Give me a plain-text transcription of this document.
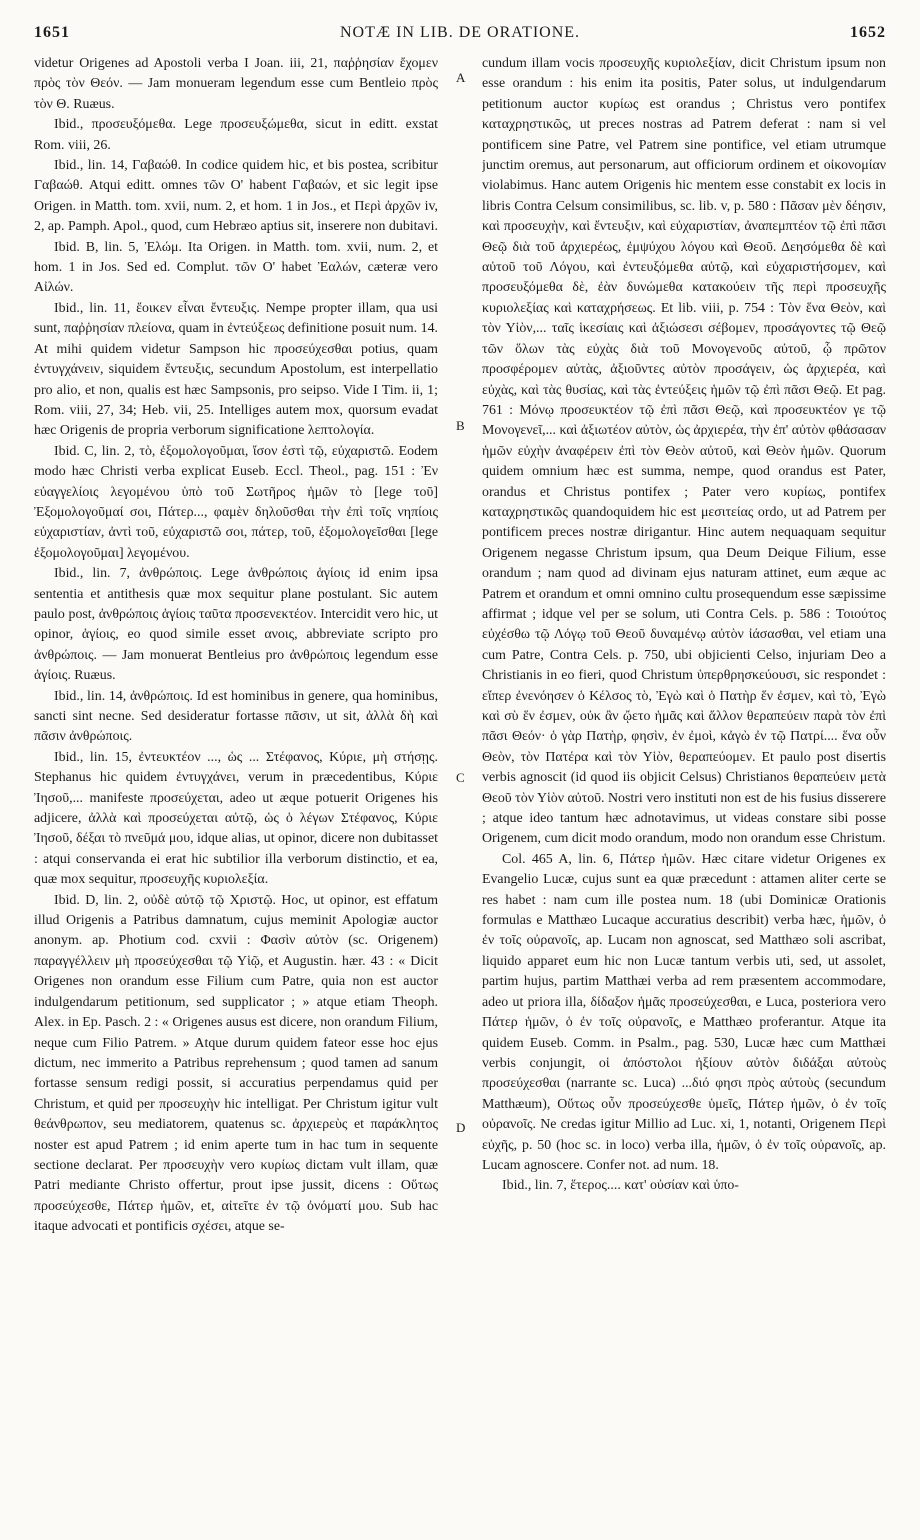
1651	NOTÆ IN LIB. DE ORATIONE.	1652
A
B
C
D

videtur Origenes ad Apostoli verba I Joan. iii, 21, παῤῥησίαν ἔχομεν πρὸς τὸν Θεόν. — Jam monueram legendum esse cum Bentleio πρὸς τὸν Θ. Ruæus.

Ibid., προσευξόμεθα. Lege προσευξώμεθα, sicut in editt. exstat Rom. viii, 26.

Ibid., lin. 14, Γαβαώθ. In codice quidem hic, et bis postea, scribitur Γαβαώθ. Atqui editt. omnes τῶν Ο' habent Γαβαών, et sic legit ipse Origen. in Matth. tom. xvii, num. 2, et hom. 1 in Jos., et Περὶ ἀρχῶν iv, 2, ap. Pamph. Apol., quod, cum Hebræo aptius sit, inserere non dubitavi.

Ibid. B, lin. 5, Ἐλώμ. Ita Origen. in Matth. tom. xvii, num. 2, et hom. 1 in Jos. Sed ed. Complut. τῶν Ο' habet Ἐαλών, cæteræ vero Αἰλών.

Ibid., lin. 11, ἔοικεν εἶναι ἔντευξις. Nempe propter illam, qua usi sunt, παῤῥησίαν πλείονα, quam in ἐντεύξεως definitione posuit num. 14. At mihi quidem videtur Sampson hic προσεύχεσθαι potius, quam ἐντυγχάνειν, siquidem ἔντευξις, secundum Apostolum, est interpellatio pro alio, et non, qualis est hæc Sampsonis, pro seipso. Vide I Tim. ii, 1; Rom. viii, 27, 34; Heb. vii, 25. Intelliges autem mox, quorsum evadat hæc Origenis de propria verborum significatione λεπτολογία.

Ibid. C, lin. 2, τὸ, ἐξομολογοῦμαι, ἴσον ἐστὶ τῷ, εὐχαριστῶ. Eodem modo hæc Christi verba explicat Euseb. Eccl. Theol., pag. 151 : Ἐν εὐαγγελίοις λεγομένου ὑπὸ τοῦ Σωτῆρος ἡμῶν τὸ [lege τοῦ] Ἐξομολογοῦμαί σοι, Πάτερ..., φαμὲν δηλοῦσθαι τὴν ἐπὶ τοῖς νηπίοις εὐχαριστίαν, ἀντὶ τοῦ, εὐχαριστῶ σοι, πάτερ, τοῦ, ἐξομολογεῖσθαι [lege ἐξομολογοῦμαι] λεγομένου.

Ibid., lin. 7, ἀνθρώποις. Lege ἀνθρώποις ἁγίοις id enim ipsa sententia et antithesis quæ mox sequitur plane postulant. Sic autem paulo post, ἀνθρώποις ἁγίοις ταῦτα προσενεκτέον. Intercidit vero hic, ut opinor, ἁγίοις, eo quod simile esset ανοις, abbreviate scripto pro ἀνθρώποις. — Jam monuerat Bentleius pro ἀνθρώποις legendum esse ἁγίοις. Ruæus.

Ibid., lin. 14, ἀνθρώποις. Id est hominibus in genere, qua hominibus, sancti sint necne. Sed desideratur fortasse πᾶσιν, ut sit, ἀλλὰ δὴ καὶ πᾶσιν ἀνθρώποις.

Ibid., lin. 15, ἐντευκτέον ..., ὡς ... Στέφανος, Κύριε, μὴ στήσῃς. Stephanus hic quidem ἐντυγχάνει, verum in præcedentibus, Κύριε Ἰησοῦ,... manifeste προσεύχεται, adeo ut æque potuerit Origenes his adjicere, ἀλλὰ καὶ προσεύχεται αὐτῷ, ὡς ὁ λέγων Στέφανος, Κύριε Ἰησοῦ, δέξαι τὸ πνεῦμά μου, idque alias, ut opinor, dicere non dubitasset : atqui conservanda ei erat hic subtilior illa verborum distinctio, et ea, quæ mox sequitur, προσευχῆς κυριολεξία.

Ibid. D, lin. 2, οὐδὲ αὐτῷ τῷ Χριστῷ. Hoc, ut opinor, est effatum illud Origenis a Patribus damnatum, cujus meminit Apologiæ auctor anonym. ap. Photium cod. cxvii : Φασὶν αὐτὸν (sc. Origenem) παραγγέλλειν μὴ προσεύχεσθαι τῷ Υἱῷ, et Augustin. hær. 43 : « Dicit Origenes non orandum esse Filium cum Patre, quia non est auctor indulgendarum petitionum, sed supplicator ; » atque etiam Theoph. Alex. in Ep. Pasch. 2 : « Origenes ausus est dicere, non orandum Filium, neque cum Filio Patrem. » Atque durum quidem fateor esse hoc ejus dictum, nec immerito a Patribus reprehensum ; quod tamen ad sanum fortasse sensum redigi possit, si accuratius perpendamus quid per Christum, et quid per προσευχὴν hic intelligat. Per Christum igitur vult θεάνθρωπον, seu mediatorem, quatenus sc. ἀρχιερεὺς et παράκλητος noster est apud Patrem ; id enim aperte tum in hac tum in sequente sectione declarat. Per προσευχὴν vero κυρίως dictam vult illam, quæ Patri mediante Christo offertur, prout ipse jussit, dicens : Οὕτως προσεύχεσθε, Πάτερ ἡμῶν, et, αἰτεῖτε ἐν τῷ ὀνόματί μου. Sub hac itaque advocati et pontificis σχέσει, atque se-

cundum illam vocis προσευχῆς κυριολεξίαν, dicit Christum ipsum non esse orandum : his enim ita positis, Pater solus, ut indulgendarum petitionum auctor κυρίως est orandus ; Christus vero pontifex καταχρηστικῶς, ut preces nostras ad Patrem deferat : nam si vel pontificem sine Patre, vel Patrem sine pontifice, vel etiam utrumque junctim oremus, aut personarum, aut officiorum ordinem et οἰκονομίαν violabimus. Hanc autem Origenis hic mentem esse constabit ex locis in libris Contra Celsum consimilibus, sc. lib. v, p. 580 : Πᾶσαν μὲν δέησιν, καὶ προσευχὴν, καὶ ἔντευξιν, καὶ εὐχαριστίαν, ἀναπεμπτέον τῷ ἐπὶ πᾶσι Θεῷ διὰ τοῦ ἀρχιερέως, ἐμψύχου λόγου καὶ Θεοῦ. Δεησόμεθα δὲ καὶ αὐτοῦ τοῦ Λόγου, καὶ ἐντευξόμεθα αὐτῷ, καὶ εὐχαριστήσομεν, καὶ προσευξόμεθα δὲ, ἐὰν δυνώμεθα κατακούειν τῆς περὶ προσευχῆς κυριολεξίας καὶ καταχρήσεως. Et lib. viii, p. 754 : Τὸν ἕνα Θεὸν, καὶ τὸν Υἱὸν,... ταῖς ἱκεσίαις καὶ ἀξιώσεσι σέβομεν, προσάγοντες τῷ Θεῷ τῶν ὅλων τὰς εὐχὰς διὰ τοῦ Μονογενοῦς αὐτοῦ, ᾧ πρῶτον προσφέρομεν αὐτὰς, ἀξιοῦντες αὐτὸν προσάγειν, ὡς ἀρχιερέα, καὶ εὐχὰς, καὶ τὰς θυσίας, καὶ τὰς ἐντεύξεις ἡμῶν τῷ ἐπὶ πᾶσι Θεῷ. Et pag. 761 : Μόνῳ προσευκτέον τῷ ἐπὶ πᾶσι Θεῷ, καὶ προσευκτέον γε τῷ Μονογενεῖ,... καὶ ἀξιωτέον αὐτὸν, ὡς ἀρχιερέα, τὴν ἐπ' αὐτὸν φθάσασαν ἡμῶν εὐχὴν ἀναφέρειν ἐπὶ τὸν Θεὸν αὐτοῦ, καὶ Θεὸν ἡμῶν. Quorum quidem omnium hæc est summa, nempe, quod orandus est Pater, orandus et Christus pontifex ; Pater vero κυρίως, pontifex καταχρηστικῶς quandoquidem hic est μεσιτείας ordo, ut ad Patrem per pontificem preces nostræ dirigantur. Hinc autem nequaquam sequitur Origenem negasse Christum ipsum, qua Deum Deique Filium, esse orandum ; nam quod ad divinam ejus naturam attinet, eum æque ac Patrem et orandum et omni omnino cultu prosequendum esse sæpissime affirmat ; idque vel per se solum, uti Contra Cels. p. 586 : Τοιούτος εὐχέσθω τῷ Λόγῳ τοῦ Θεοῦ δυναμένῳ αὐτὸν ἰάσασθαι, vel etiam una cum Patre, Contra Cels. p. 750, ubi objicienti Celso, injuriam Deo a Christianis in eo fieri, quod Christum ὑπερθρησκεύουσι, sic respondet : εἴπερ ἐνενόησεν ὁ Κέλσος τὸ, Ἐγὼ καὶ ὁ Πατὴρ ἕν ἐσμεν, καὶ τὸ, Ἐγὼ καὶ σὺ ἕν ἐσμεν, οὐκ ἂν ᾤετο ἡμᾶς καὶ ἄλλον θεραπεύειν παρὰ τὸν ἐπὶ πᾶσι Θεόν· ὁ γὰρ Πατὴρ, φησὶν, ἐν ἐμοὶ, κἀγὼ ἐν τῷ Πατρί.... ἕνα οὖν Θεὸν, τὸν Πατέρα καὶ τὸν Υἱὸν, θεραπεύομεν. Et paulo post disertis verbis agnoscit (id quod iis objicit Celsus) Christianos θεραπεύειν μετὰ Θεοῦ τὸν Υἱὸν αὐτοῦ. Nostri vero instituti non est de his fusius disserere ; atque ideo tantum hæc adnotavimus, ut videas constare sibi posse Origenem, cum dicit modo orandum, modo non orandum esse Christum.

Col. 465 A, lin. 6, Πάτερ ἡμῶν. Hæc citare videtur Origenes ex Evangelio Lucæ, cujus sunt ea quæ præcedunt : attamen aliter certe se res habet : nam cum ille postea num. 18 (ubi Dominicæ Orationis formulas e Matthæo Lucaque accuratius describit) verba hæc, ἡμῶν, ὁ ἐν τοῖς οὐρανοῖς, ap. Lucam non agnoscat, sed Matthæo soli ascribat, liquido apparet eum hic non Lucæ tantum verbis uti, sed, ut assolet, partim hujus, partim Matthæi verba ad rem præsentem accommodare, adeo ut priora illa, δίδαξον ἡμᾶς προσεύχεσθαι, e Luca, posteriora vero Πάτερ ἡμῶν, ὁ ἐν τοῖς οὐρανοῖς, e Matthæo proferantur. Atque ita quidem Euseb. Comm. in Psalm., pag. 530, Lucæ hæc cum Matthæi verbis conjungit, οἱ ἀπόστολοι ἠξίουν αὐτὸν διδάξαι αὐτοὺς προσεύχεσθαι (narrante sc. Luca) ...διό φησι πρὸς αὐτοὺς (secundum Matthæum), Οὕτως οὖν προσεύχεσθε ὑμεῖς, Πάτερ ἡμῶν, ὁ ἐν τοῖς οὐρανοῖς. Ne credas igitur Millio ad Luc. xi, 1, notanti, Origenem Περὶ εὐχῆς, p. 50 (hoc sc. in loco) verba illa, ἡμῶν, ὁ ἐν τοῖς οὐρανοῖς, ap. Lucam agnoscere. Confer not. ad num. 18.

Ibid., lin. 7, ἕτερος.... κατ' οὐσίαν καὶ ὑπο-
